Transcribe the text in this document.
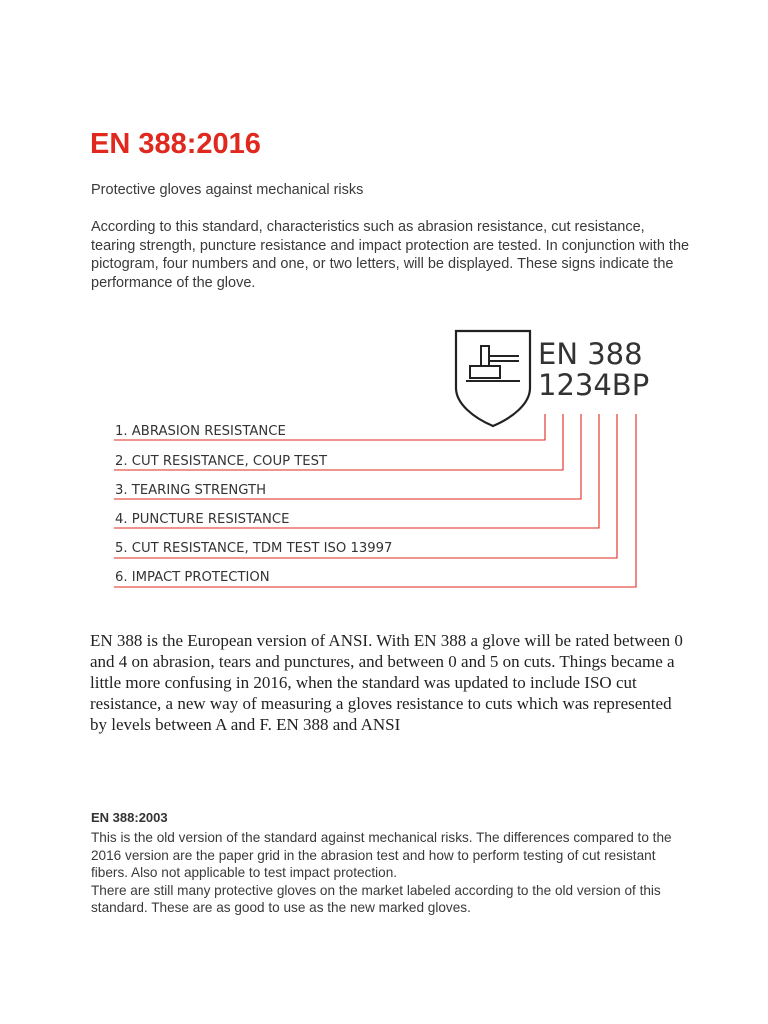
EN 388:2016

Protective gloves against mechanical risks

According to this standard, characteristics such as abrasion resistance, cut resistance, tearing strength, puncture resistance and impact protection are tested. In conjunction with the pictogram, four numbers and one, or two letters, will be displayed. These signs indicate the performance of the glove.

EN 388
1234BP
1. ABRASION RESISTANCE
2. CUT RESISTANCE, COUP TEST
3. TEARING STRENGTH
4. PUNCTURE RESISTANCE
5. CUT RESISTANCE, TDM TEST ISO 13997
6. IMPACT PROTECTION

EN 388 is the European version of ANSI. With EN 388 a glove will be rated between 0 and 4 on abrasion, tears and punctures, and between 0 and 5 on cuts. Things became a little more confusing in 2016, when the standard was updated to include ISO cut resistance, a new way of measuring a gloves resistance to cuts which was represented by levels between A and F. EN 388 and ANSI

EN 388:2003

This is the old version of the standard against mechanical risks. The differences compared to the 2016 version are the paper grid in the abrasion test and how to perform testing of cut resistant fibers. Also not applicable to test impact protection.

There are still many protective gloves on the market labeled according to the old version of this standard. These are as good to use as the new marked gloves.
